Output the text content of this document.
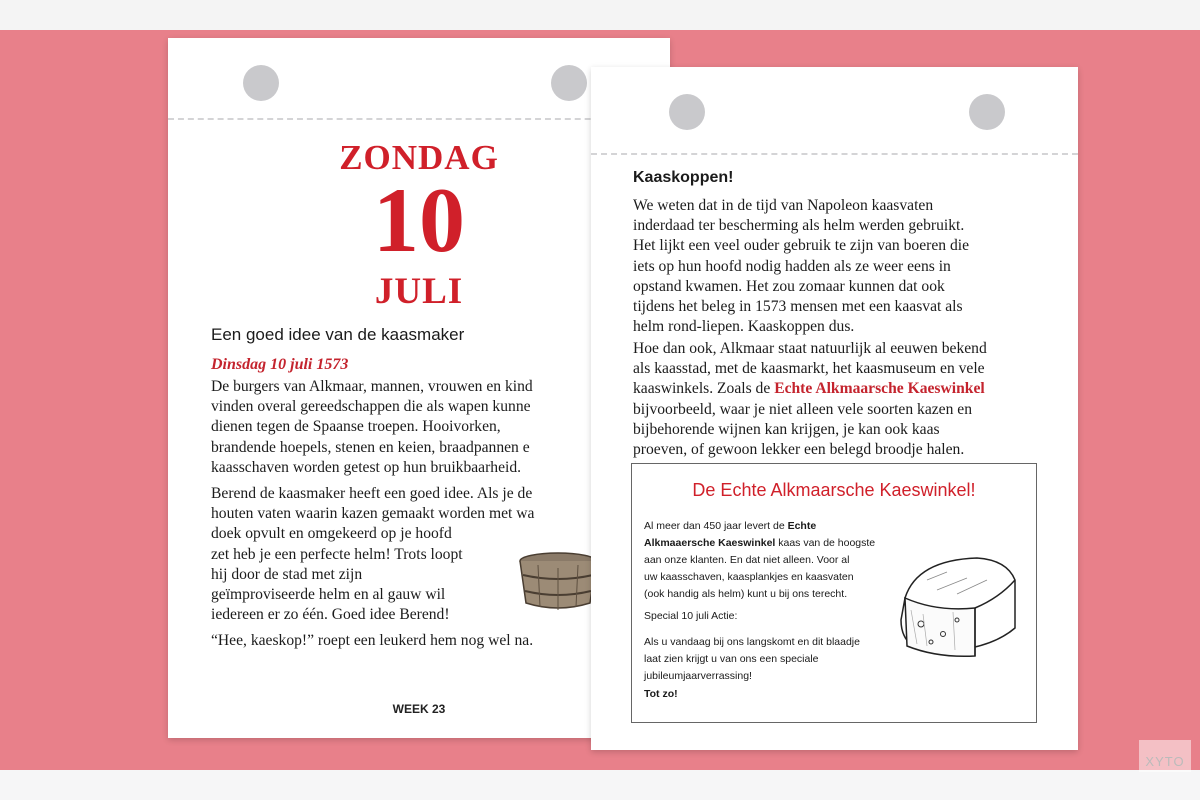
ZONDAG
10
JULI
Een goed idee van de kaasmaker
Dinsdag 10 juli 1573
De burgers van Alkmaar, mannen, vrouwen en kind
vinden overal gereedschappen die als wapen kunne
dienen tegen de Spaanse troepen. Hooivorken,
brandende hoepels, stenen en keien, braadpannen e
kaasschaven worden getest op hun bruikbaarheid.
Berend de kaasmaker heeft een goed idee. Als je de
houten vaten waarin kazen gemaakt worden met wa
doek opvult en omgekeerd op je hoofd
zet heb je een perfecte helm! Trots loopt
hij door de stad met zijn
geïmproviseerde helm en al gauw wil
iedereen er zo één. Goed idee Berend!
“Hee, kaeskop!” roept een leukerd hem nog wel na.
WEEK 23
Kaaskoppen!
We weten dat in de tijd van Napoleon kaasvaten
inderdaad ter bescherming als helm werden gebruikt.
Het lijkt een veel ouder gebruik te zijn van boeren die
iets op hun hoofd nodig hadden als ze weer eens in
opstand kwamen. Het zou zomaar kunnen dat ook
tijdens het beleg in 1573 mensen met een kaasvat als
helm rond-liepen. Kaaskoppen dus.
Hoe dan ook, Alkmaar staat natuurlijk al eeuwen bekend
als kaasstad, met de kaasmarkt, het kaasmuseum en vele
kaaswinkels. Zoals de Echte Alkmaarsche Kaeswinkel
bijvoorbeeld, waar je niet alleen vele soorten kazen en
bijbehorende wijnen kan krijgen, je kan ook kaas
proeven, of gewoon lekker een belegd broodje halen.
De Echte Alkmaarsche Kaeswinkel!
Al meer dan 450 jaar levert de Echte
Alkmaaersche Kaeswinkel kaas van de hoogste
aan onze klanten. En dat niet alleen. Voor al
uw kaasschaven, kaasplankjes en kaasvaten
(ook handig als helm) kunt u bij ons terecht.
Special 10 juli Actie:
Als u vandaag bij ons langskomt en dit blaadje
laat zien krijgt u van ons een speciale
jubileumjaarverrassing!
Tot zo!
XYTO
